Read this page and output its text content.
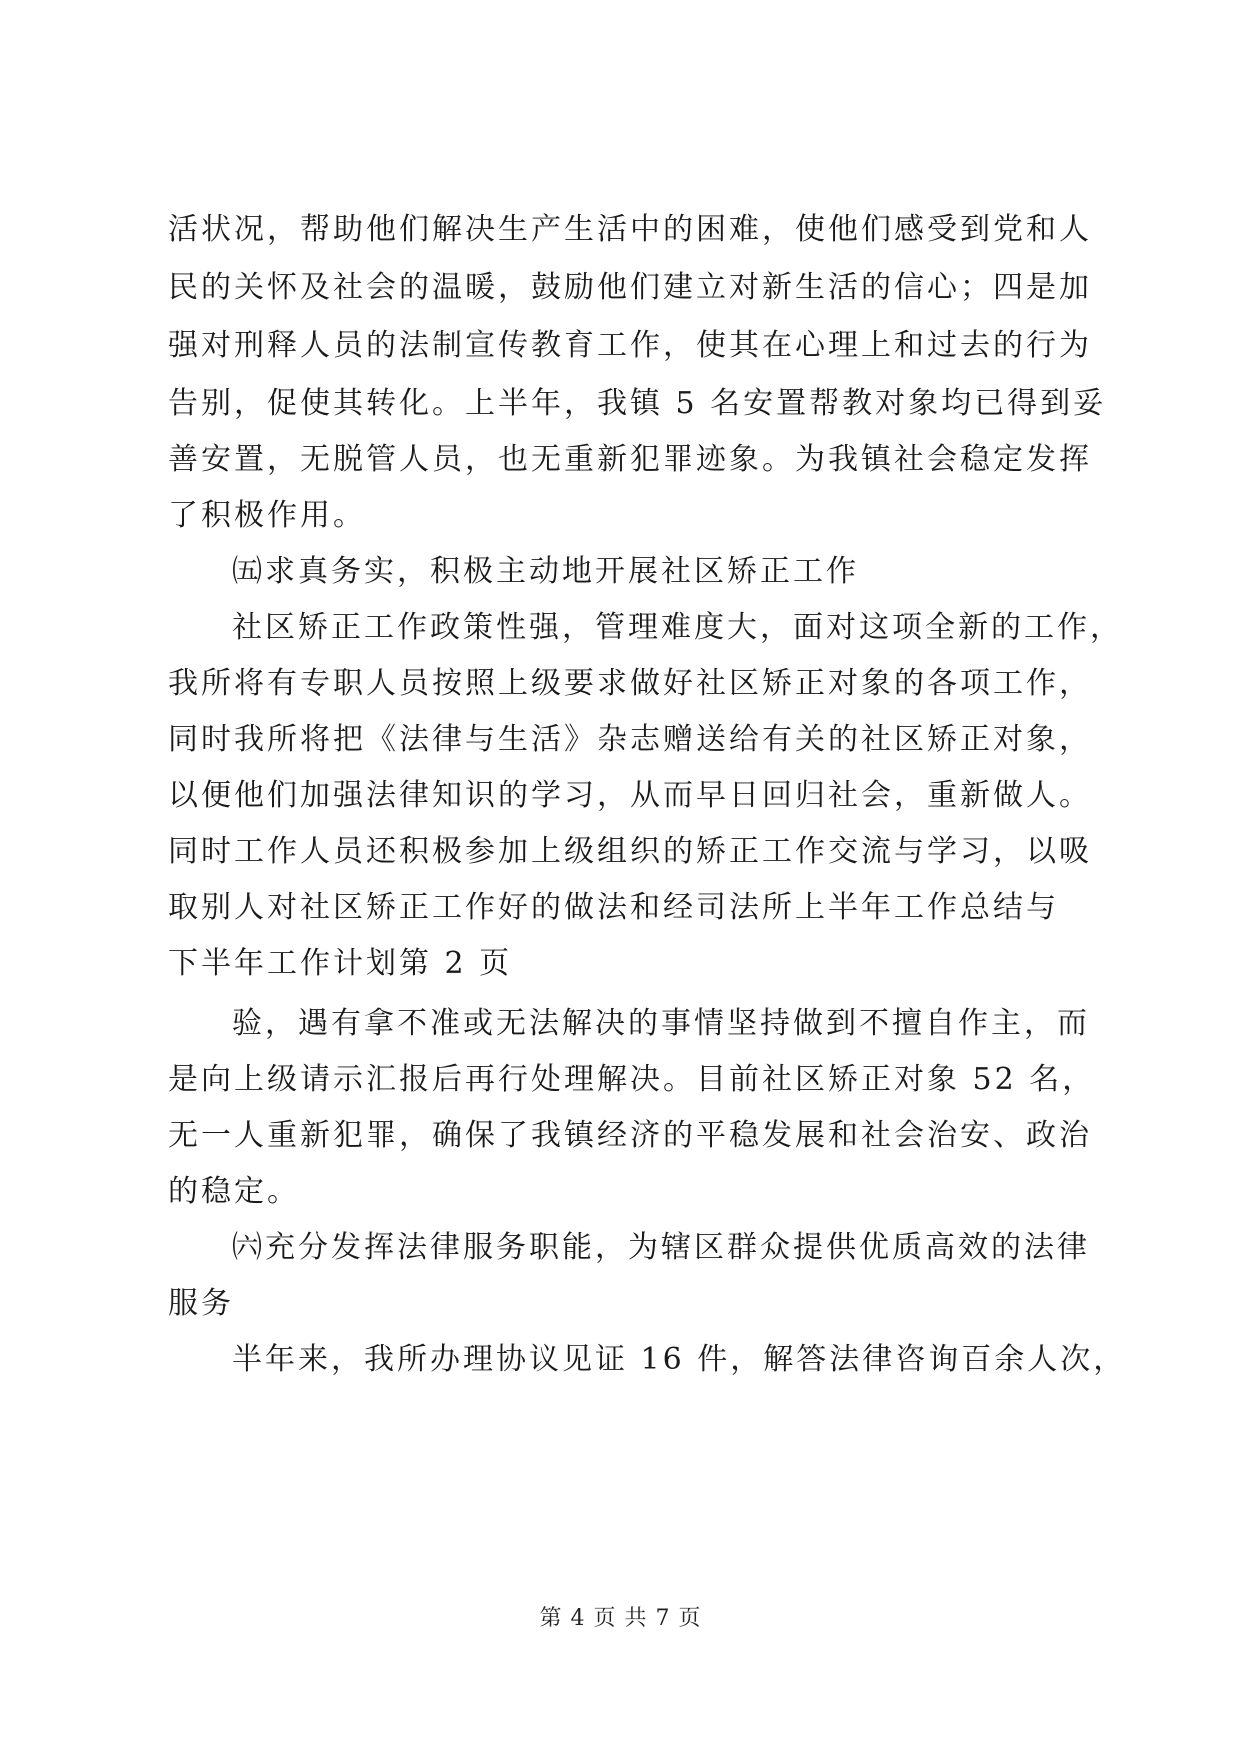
活状况，帮助他们解决生产生活中的困难，使他们感受到党和人
民的关怀及社会的温暖，鼓励他们建立对新生活的信心；四是加
强对刑释人员的法制宣传教育工作，使其在心理上和过去的行为
告别，促使其转化。上半年，我镇 5 名安置帮教对象均已得到妥
善安置，无脱管人员，也无重新犯罪迹象。为我镇社会稳定发挥
了积极作用。
㈤求真务实，积极主动地开展社区矫正工作
社区矫正工作政策性强，管理难度大，面对这项全新的工作，
我所将有专职人员按照上级要求做好社区矫正对象的各项工作，
同时我所将把《法律与生活》杂志赠送给有关的社区矫正对象，
以便他们加强法律知识的学习，从而早日回归社会，重新做人。
同时工作人员还积极参加上级组织的矫正工作交流与学习，以吸
取别人对社区矫正工作好的做法和经司法所上半年工作总结与
下半年工作计划第 2 页
验，遇有拿不准或无法解决的事情坚持做到不擅自作主，而
是向上级请示汇报后再行处理解决。目前社区矫正对象 52 名，
无一人重新犯罪，确保了我镇经济的平稳发展和社会治安、政治
的稳定。
㈥充分发挥法律服务职能，为辖区群众提供优质高效的法律
服务
半年来，我所办理协议见证 16 件，解答法律咨询百余人次，
第 4 页 共 7 页
